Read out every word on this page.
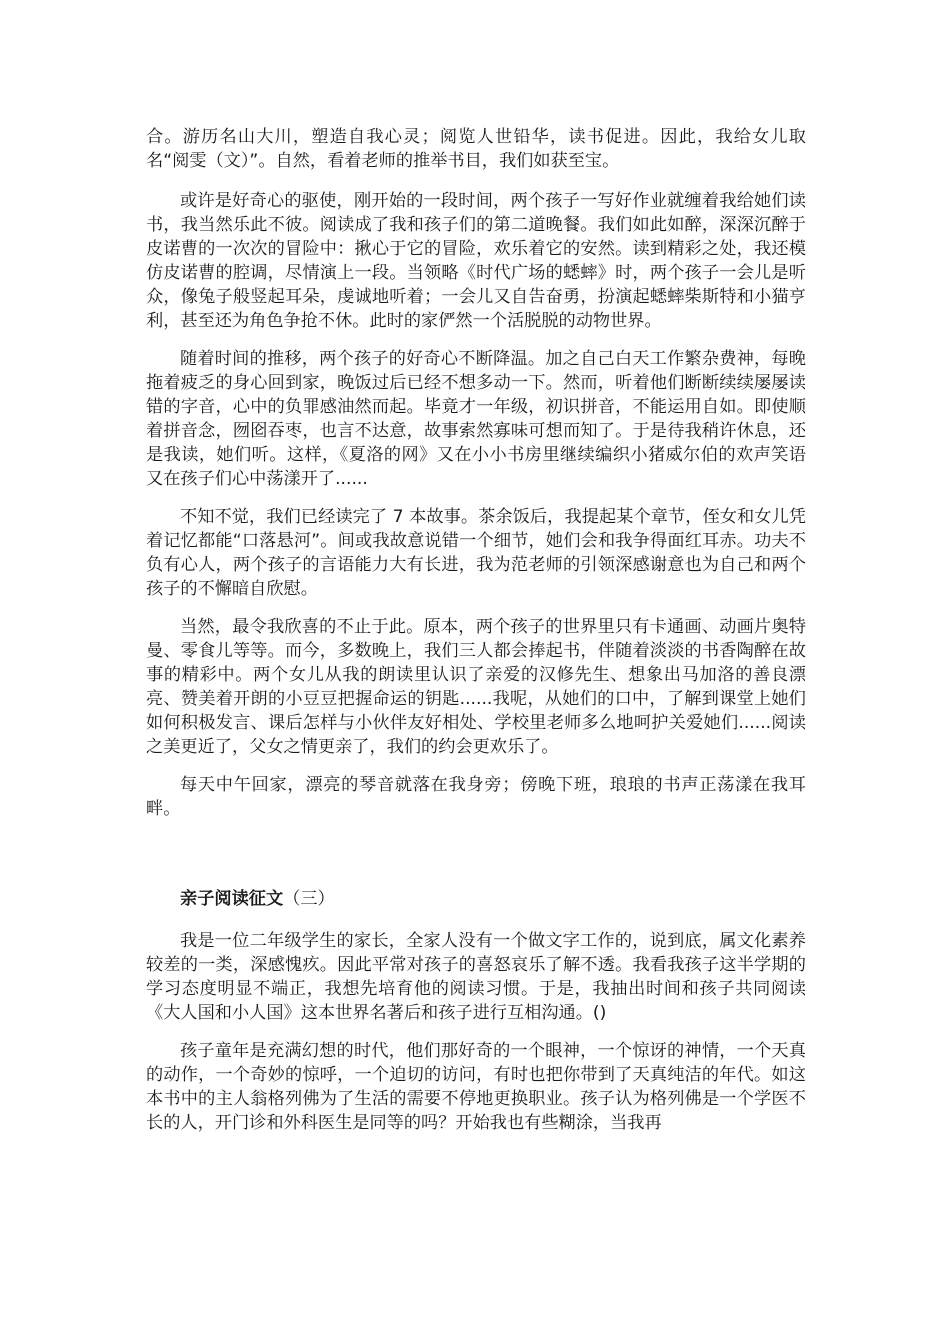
合。游历名山大川，塑造自我心灵；阅览人世铅华，读书促进。因此，我给女儿取名“阅雯（文）”。自然，看着老师的推举书目，我们如获至宝。

或许是好奇心的驱使，刚开始的一段时间，两个孩子一写好作业就缠着我给她们读书，我当然乐此不彼。阅读成了我和孩子们的第二道晚餐。我们如此如醉，深深沉醉于皮诺曹的一次次的冒险中：揪心于它的冒险，欢乐着它的安然。读到精彩之处，我还模仿皮诺曹的腔调，尽情演上一段。当领略《时代广场的蟋蟀》时，两个孩子一会儿是听众，像兔子般竖起耳朵，虔诚地听着；一会儿又自告奋勇，扮演起蟋蟀柴斯特和小猫亨利，甚至还为角色争抢不休。此时的家俨然一个活脱脱的动物世界。

随着时间的推移，两个孩子的好奇心不断降温。加之自己白天工作繁杂费神，每晚拖着疲乏的身心回到家，晚饭过后已经不想多动一下。然而，听着他们断断续续屡屡读错的字音，心中的负罪感油然而起。毕竟才一年级，初识拼音，不能运用自如。即使顺着拼音念，囫囵吞枣，也言不达意，故事索然寡味可想而知了。于是待我稍许休息，还是我读，她们听。这样，《夏洛的网》又在小小书房里继续编织小猪威尔伯的欢声笑语又在孩子们心中荡漾开了......

不知不觉，我们已经读完了 7 本故事。茶余饭后，我提起某个章节，侄女和女儿凭着记忆都能“口落悬河”。间或我故意说错一个细节，她们会和我争得面红耳赤。功夫不负有心人，两个孩子的言语能力大有长进，我为范老师的引领深感谢意也为自己和两个孩子的不懈暗自欣慰。

当然，最令我欣喜的不止于此。原本，两个孩子的世界里只有卡通画、动画片奥特曼、零食儿等等。而今，多数晚上，我们三人都会捧起书，伴随着淡淡的书香陶醉在故事的精彩中。两个女儿从我的朗读里认识了亲爱的汉修先生、想象出马加洛的善良漂亮、赞美着开朗的小豆豆把握命运的钥匙......我呢，从她们的口中，了解到课堂上她们如何积极发言、课后怎样与小伙伴友好相处、学校里老师多么地呵护关爱她们......阅读之美更近了，父女之情更亲了，我们的约会更欢乐了。

每天中午回家，漂亮的琴音就落在我身旁；傍晚下班，琅琅的书声正荡漾在我耳畔。

亲子阅读征文（三）

我是一位二年级学生的家长，全家人没有一个做文字工作的，说到底，属文化素养较差的一类，深感愧疚。因此平常对孩子的喜怒哀乐了解不透。我看我孩子这半学期的学习态度明显不端正，我想先培育他的阅读习惯。于是，我抽出时间和孩子共同阅读《大人国和小人国》这本世界名著后和孩子进行互相沟通。()

孩子童年是充满幻想的时代，他们那好奇的一个眼神，一个惊讶的神情，一个天真的动作，一个奇妙的惊呼，一个迫切的访问，有时也把你带到了天真纯洁的年代。如这本书中的主人翁格列佛为了生活的需要不停地更换职业。孩子认为格列佛是一个学医不长的人，开门诊和外科医生是同等的吗？开始我也有些糊涂，当我再
